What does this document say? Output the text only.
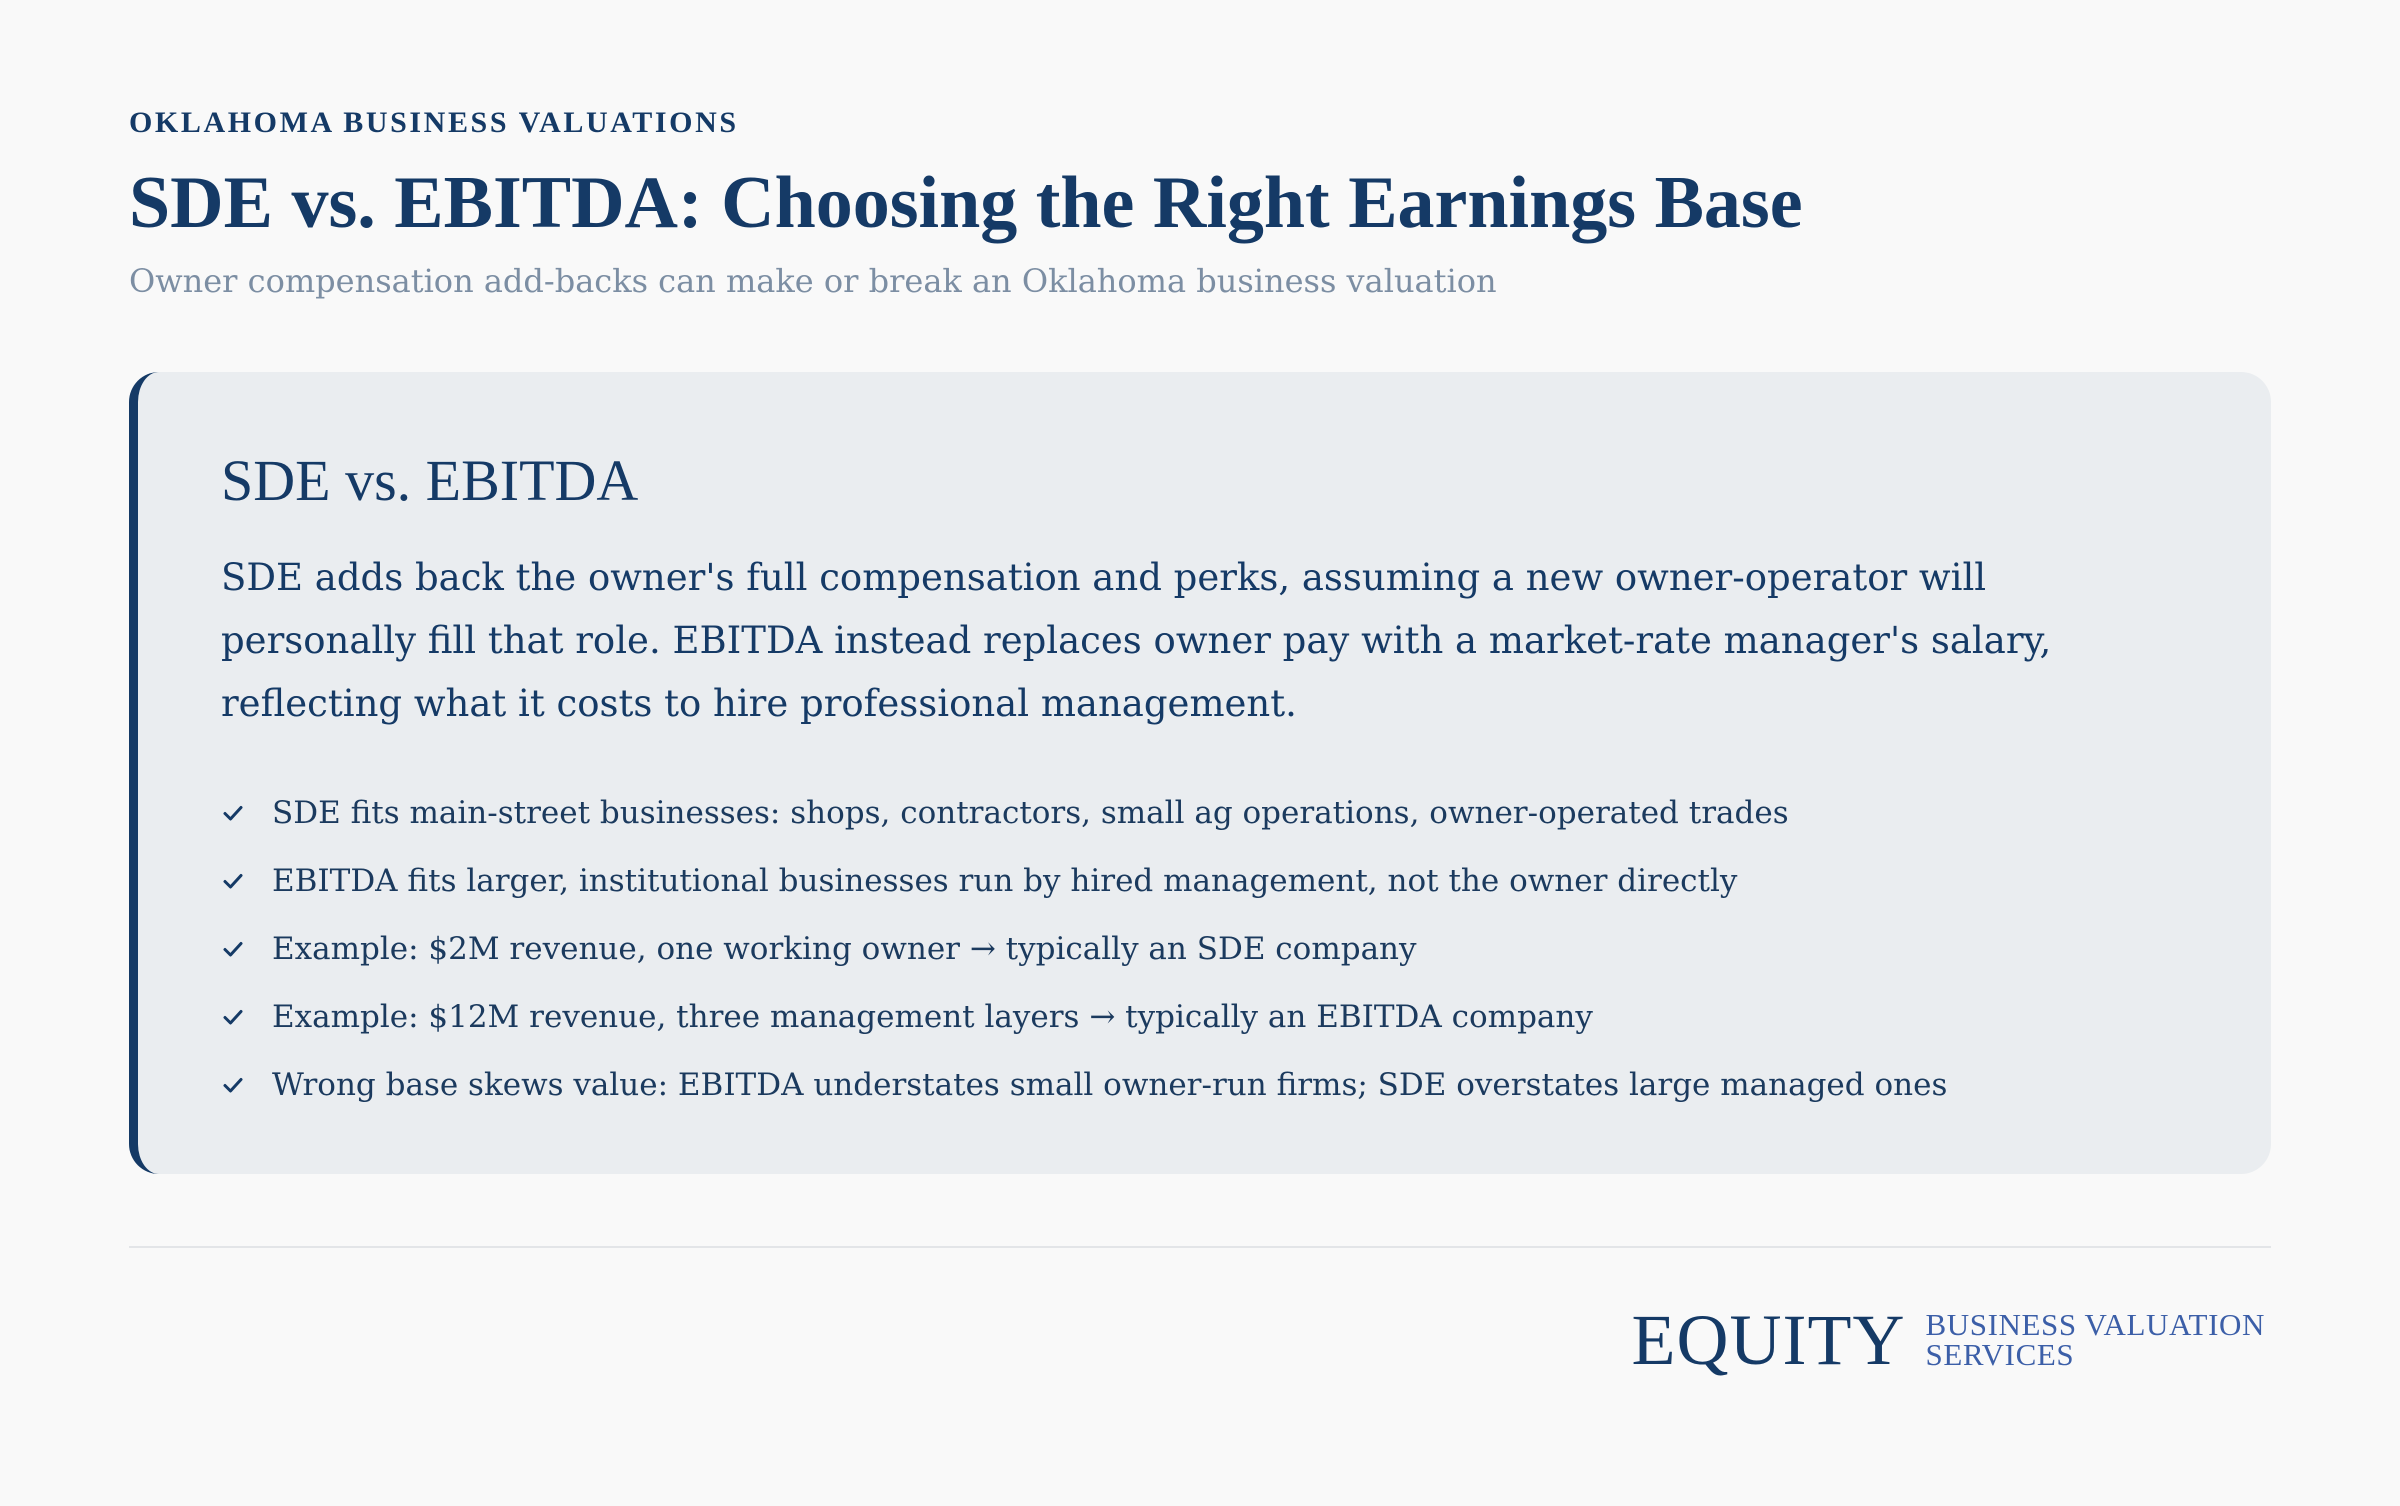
OKLAHOMA BUSINESS VALUATIONS
SDE vs. EBITDA: Choosing the Right Earnings Base
Owner compensation add-backs can make or break an Oklahoma business valuation
SDE vs. EBITDA

SDE adds back the owner's full compensation and perks, assuming a new owner-operator will personally fill that role. EBITDA instead replaces owner pay with a market-rate manager's salary, reflecting what it costs to hire professional management.

SDE fits main-street businesses: shops, contractors, small ag operations, owner-operated trades
EBITDA fits larger, institutional businesses run by hired management, not the owner directly
Example: $2M revenue, one working owner → typically an SDE company
Example: $12M revenue, three management layers → typically an EBITDA company
Wrong base skews value: EBITDA understates small owner-run firms; SDE overstates large managed ones
EQUITY BUSINESS VALUATION
SERVICES
